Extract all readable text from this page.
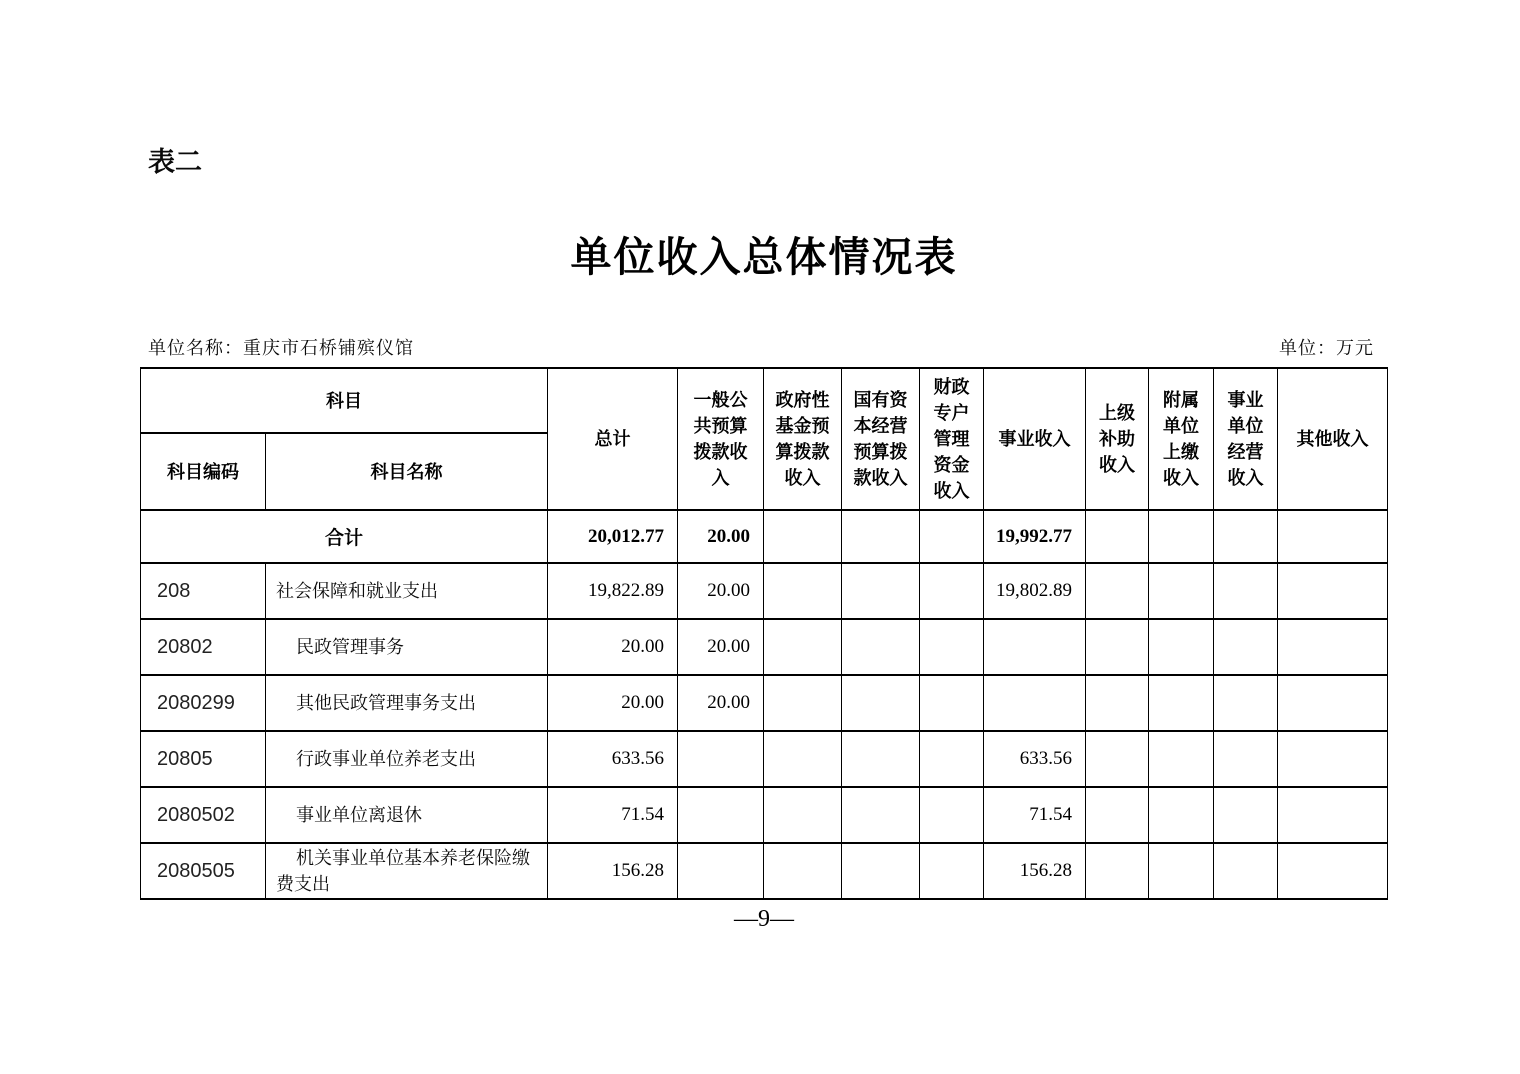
表二
单位收入总体情况表
单位名称：重庆市石桥铺殡仪馆	单位：万元
科目		总计	一般公共预算拨款收入	政府性基金预算拨款收入	国有资本经营预算拨款收入	财政专户管理资金收入	事业收入	上级补助收入	附属单位上缴收入	事业单位经营收入	其他收入
科目编码	科目名称										
合计		20,012.77	20.00				19,992.77				
208	社会保障和就业支出	19,822.89	20.00				19,802.89				
20802	民政管理事务	20.00	20.00								
2080299	其他民政管理事务支出	20.00	20.00								
20805	行政事业单位养老支出	633.56					633.56				
2080502	事业单位离退休	71.54					71.54				
2080505	机关事业单位基本养老保险缴费支出	156.28					156.28				
—9—
